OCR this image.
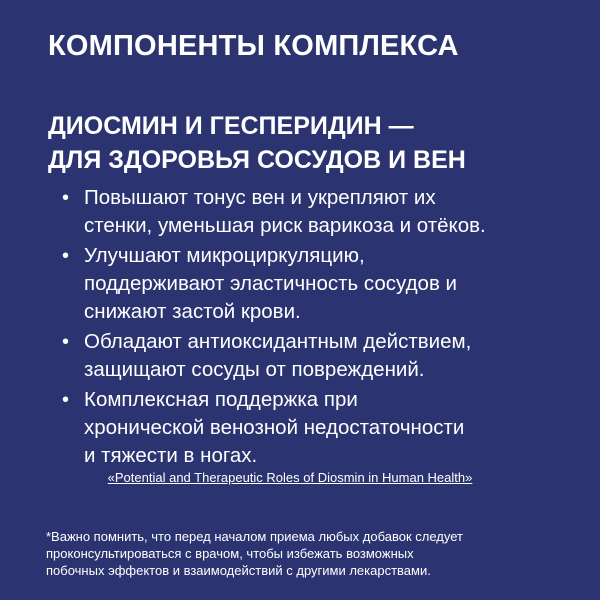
КОМПОНЕНТЫ КОМПЛЕКСА
ДИОСМИН И ГЕСПЕРИДИН —
ДЛЯ ЗДОРОВЬЯ СОСУДОВ И ВЕН
• Повышают тонус вен и укрепляют их
стенки, уменьшая риск варикоза и отёков.
• Улучшают микроциркуляцию,
поддерживают эластичность сосудов и
снижают застой крови.
• Обладают антиоксидантным действием,
защищают сосуды от повреждений.
• Комплексная поддержка при
хронической венозной недостаточности
и тяжести в ногах.
«Potential and Therapeutic Roles of Diosmin in Human Health»
*Важно помнить, что перед началом приема любых добавок следует
проконсультироваться с врачом, чтобы избежать возможных
побочных эффектов и взаимодействий с другими лекарствами.
